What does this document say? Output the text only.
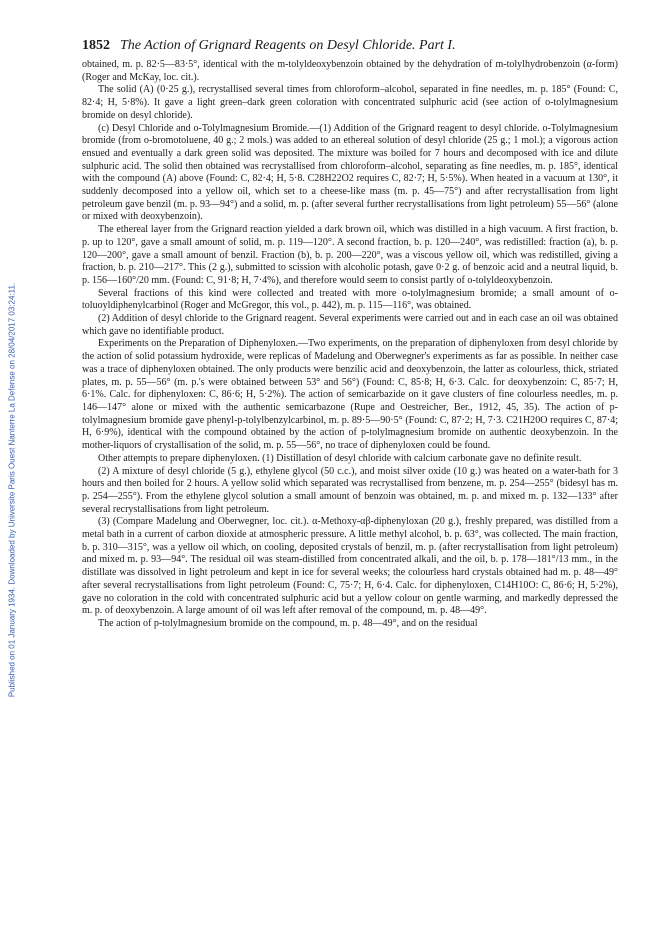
Published on 01 January 1934. Downloaded by Universite Paris Ouest Nanterre La Defense on 28/04/2017 03:24:11.
1852 The Action of Grignard Reagents on Desyl Chloride. Part I.

obtained, m. p. 82·5—83·5°, identical with the m-tolyldeoxybenzoin obtained by the dehydration of m-tolylhydrobenzoin (α-form) (Roger and McKay, loc. cit.).

The solid (A) (0·25 g.), recrystallised several times from chloroform–alcohol, separated in fine needles, m. p. 185° (Found: C, 82·4; H, 5·8%). It gave a light green–dark green coloration with concentrated sulphuric acid (see action of o-tolylmagnesium bromide on desyl chloride).

(c) Desyl Chloride and o-Tolylmagnesium Bromide.—(1) Addition of the Grignard reagent to desyl chloride. o-Tolylmagnesium bromide (from o-bromotoluene, 40 g.; 2 mols.) was added to an ethereal solution of desyl chloride (25 g.; 1 mol.); a vigorous action ensued and eventually a dark green solid was deposited. The mixture was boiled for 7 hours and decomposed with ice and dilute sulphuric acid. The solid then obtained was recrystallised from chloroform–alcohol, separating as fine needles, m. p. 185°, identical with the compound (A) above (Found: C, 82·4; H, 5·8. C28H22O2 requires C, 82·7; H, 5·5%). When heated in a vacuum at 130°, it suddenly decomposed into a yellow oil, which set to a cheese-like mass (m. p. 45—75°) and after recrystallisation from light petroleum gave benzil (m. p. 93—94°) and a solid, m. p. (after several further recrystallisations from light petroleum) 55—56° (alone or mixed with deoxybenzoin).

The ethereal layer from the Grignard reaction yielded a dark brown oil, which was distilled in a high vacuum. A first fraction, b. p. up to 120°, gave a small amount of solid, m. p. 119—120°. A second fraction, b. p. 120—240°, was redistilled: fraction (a), b. p. 120—200°, gave a small amount of benzil. Fraction (b), b. p. 200—220°, was a viscous yellow oil, which was redistilled, giving a fraction, b. p. 210—217°. This (2 g.), submitted to scission with alcoholic potash, gave 0·2 g. of benzoic acid and a neutral liquid, b. p. 156—160°/20 mm. (Found: C, 91·8; H, 7·4%), and therefore would seem to consist partly of o-tolyldeoxybenzoin.

Several fractions of this kind were collected and treated with more o-tolylmagnesium bromide; a small amount of o-toluoyldiphenylcarbinol (Roger and McGregor, this vol., p. 442), m. p. 115—116°, was obtained.

(2) Addition of desyl chloride to the Grignard reagent. Several experiments were carried out and in each case an oil was obtained which gave no identifiable product.

Experiments on the Preparation of Diphenyloxen.—Two experiments, on the preparation of diphenyloxen from desyl chloride by the action of solid potassium hydroxide, were replicas of Madelung and Oberwegner's experiments as far as possible. In neither case was a trace of diphenyloxen obtained. The only products were benzilic acid and deoxybenzoin, the latter as colourless, thick, striated plates, m. p. 55—56° (m. p.'s were obtained between 53° and 56°) (Found: C, 85·8; H, 6·3. Calc. for deoxybenzoin: C, 85·7; H, 6·1%. Calc. for diphenyloxen: C, 86·6; H, 5·2%). The action of semicarbazide on it gave clusters of fine colourless needles, m. p. 146—147° alone or mixed with the authentic semicarbazone (Rupe and Oestreicher, Ber., 1912, 45, 35). The action of p-tolylmagnesium bromide gave phenyl-p-tolylbenzylcarbinol, m. p. 89·5—90·5° (Found: C, 87·2; H, 7·3. C21H20O requires C, 87·4; H, 6·9%), identical with the compound obtained by the action of p-tolylmagnesium bromide on authentic deoxybenzoin. In the mother-liquors of crystallisation of the solid, m. p. 55—56°, no trace of diphenyloxen could be found.

Other attempts to prepare diphenyloxen. (1) Distillation of desyl chloride with calcium carbonate gave no definite result.

(2) A mixture of desyl chloride (5 g.), ethylene glycol (50 c.c.), and moist silver oxide (10 g.) was heated on a water-bath for 3 hours and then boiled for 2 hours. A yellow solid which separated was recrystallised from benzene, m. p. 254—255° (bidesyl has m. p. 254—255°). From the ethylene glycol solution a small amount of benzoin was obtained, m. p. and mixed m. p. 132—133° after several recrystallisations from light petroleum.

(3) (Compare Madelung and Oberwegner, loc. cit.). α-Methoxy-αβ-diphenyloxan (20 g.), freshly prepared, was distilled from a metal bath in a current of carbon dioxide at atmospheric pressure. A little methyl alcohol, b. p. 63°, was collected. The main fraction, b. p. 310—315°, was a yellow oil which, on cooling, deposited crystals of benzil, m. p. (after recrystallisation from light petroleum) and mixed m. p. 93—94°. The residual oil was steam-distilled from concentrated alkali, and the oil, b. p. 178—181°/13 mm., in the distillate was dissolved in light petroleum and kept in ice for several weeks; the colourless hard crystals obtained had m. p. 48—49° after several recrystallisations from light petroleum (Found: C, 75·7; H, 6·4. Calc. for diphenyloxen, C14H10O: C, 86·6; H, 5·2%), gave no coloration in the cold with concentrated sulphuric acid but a yellow colour on gentle warming, and markedly depressed the m. p. of deoxybenzoin. A large amount of oil was left after removal of the compound, m. p. 48—49°.

The action of p-tolylmagnesium bromide on the compound, m. p. 48—49°, and on the residual
